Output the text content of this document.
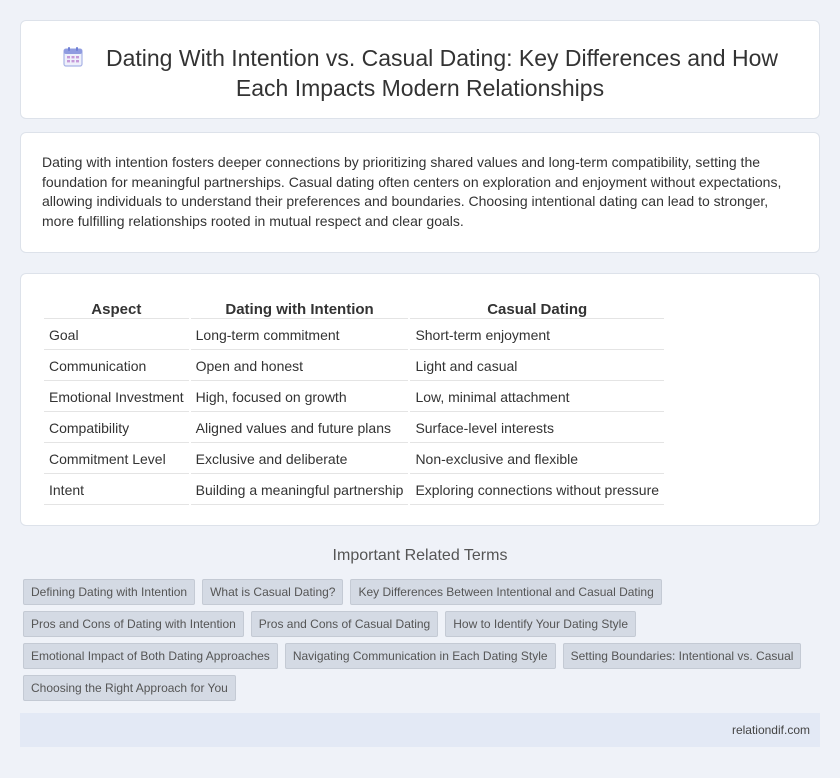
Dating With Intention vs. Casual Dating: Key Differences and How Each Impacts Modern Relationships

Dating with intention fosters deeper connections by prioritizing shared values and long-term compatibility, setting the foundation for meaningful partnerships. Casual dating often centers on exploration and enjoyment without expectations, allowing individuals to understand their preferences and boundaries. Choosing intentional dating can lead to stronger, more fulfilling relationships rooted in mutual respect and clear goals.

Aspect	Dating with Intention	Casual Dating
Goal	Long-term commitment	Short-term enjoyment
Communication	Open and honest	Light and casual
Emotional Investment	High, focused on growth	Low, minimal attachment
Compatibility	Aligned values and future plans	Surface-level interests
Commitment Level	Exclusive and deliberate	Non-exclusive and flexible
Intent	Building a meaningful partnership	Exploring connections without pressure
Important Related Terms
Defining Dating with Intention What is Casual Dating? Key Differences Between Intentional and Casual Dating
Pros and Cons of Dating with Intention Pros and Cons of Casual Dating How to Identify Your Dating Style
Emotional Impact of Both Dating Approaches Navigating Communication in Each Dating Style Setting Boundaries: Intentional vs. Casual
Choosing the Right Approach for You
relationdif.com
